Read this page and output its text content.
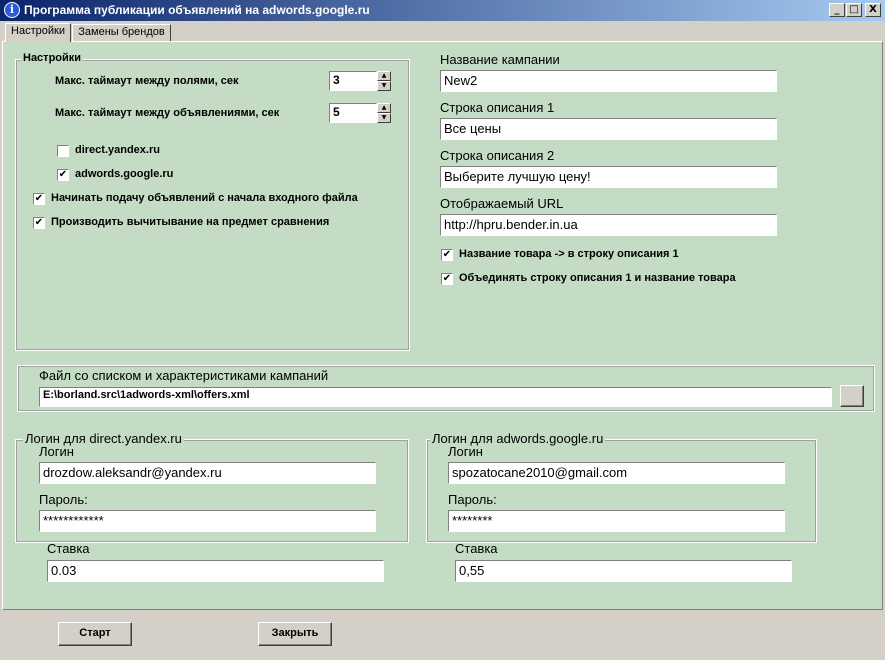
i Программа публикации объявлений на adwords.google.ru	_ □	X
Настройки	Замены брендов
Настройки
Макс. таймаут между полями, сек	3	▲
▼
Макс. таймаут между объявлениями, сек	5	▲
▼
direct.yandex.ru
✔ adwords.google.ru
✔ Начинать подачу объявлений с начала входного файла
✔ Производить вычитывание на предмет сравнения
Название кампании
New2
Строка описания 1
Все цены
Строка описания 2
Выберите лучшую цену!
Отображаемый URL
http://hpru.bender.in.ua
✔ Название товара -> в строку описания 1
✔ Объединять строку описания 1 и название товара
Файл со списком и характеристиками кампаний
E:\borland.src\1adwords-xml\offers.xml
Логин для direct.yandex.ru
Логин
drozdow.aleksandr@yandex.ru
Пароль:
************
Логин для adwords.google.ru
Логин
spozatocane2010@gmail.com
Пароль:
********
Ставка
0.03
Ставка
0,55
Старт	Закрыть
